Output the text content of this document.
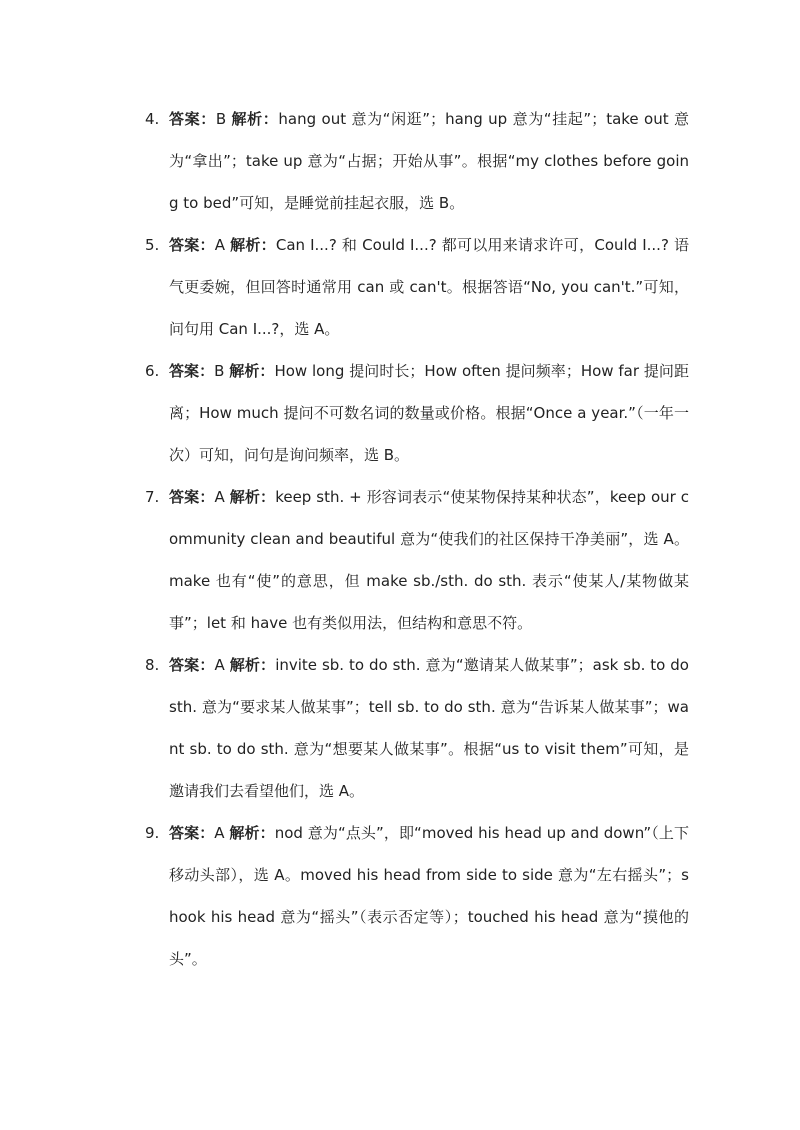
4. 答案：B 解析：hang out 意为“闲逛”；hang up 意为“挂起”；take out 意为“拿出”；take up 意为“占据；开始从事”。根据“my clothes before going to bed”可知，是睡觉前挂起衣服，选 B。
5. 答案：A 解析：Can I...? 和 Could I...? 都可以用来请求许可，Could I...? 语气更委婉，但回答时通常用 can 或 can't。根据答语“No, you can't.”可知，问句用 Can I...?，选 A。
6. 答案：B 解析：How long 提问时长；How often 提问频率；How far 提问距离；How much 提问不可数名词的数量或价格。根据“Once a year.”（一年一次）可知，问句是询问频率，选 B。
7. 答案：A 解析：keep sth. + 形容词表示“使某物保持某种状态”，keep our community clean and beautiful 意为“使我们的社区保持干净美丽”，选 A。make 也有“使”的意思，但 make sb./sth. do sth. 表示“使某人/某物做某事”；let 和 have 也有类似用法，但结构和意思不符。
8. 答案：A 解析：invite sb. to do sth. 意为“邀请某人做某事”；ask sb. to do sth. 意为“要求某人做某事”；tell sb. to do sth. 意为“告诉某人做某事”；want sb. to do sth. 意为“想要某人做某事”。根据“us to visit them”可知，是邀请我们去看望他们，选 A。
9. 答案：A 解析：nod 意为“点头”，即“moved his head up and down”（上下移动头部），选 A。moved his head from side to side 意为“左右摇头”；shook his head 意为“摇头”（表示否定等）；touched his head 意为“摸他的头”。
